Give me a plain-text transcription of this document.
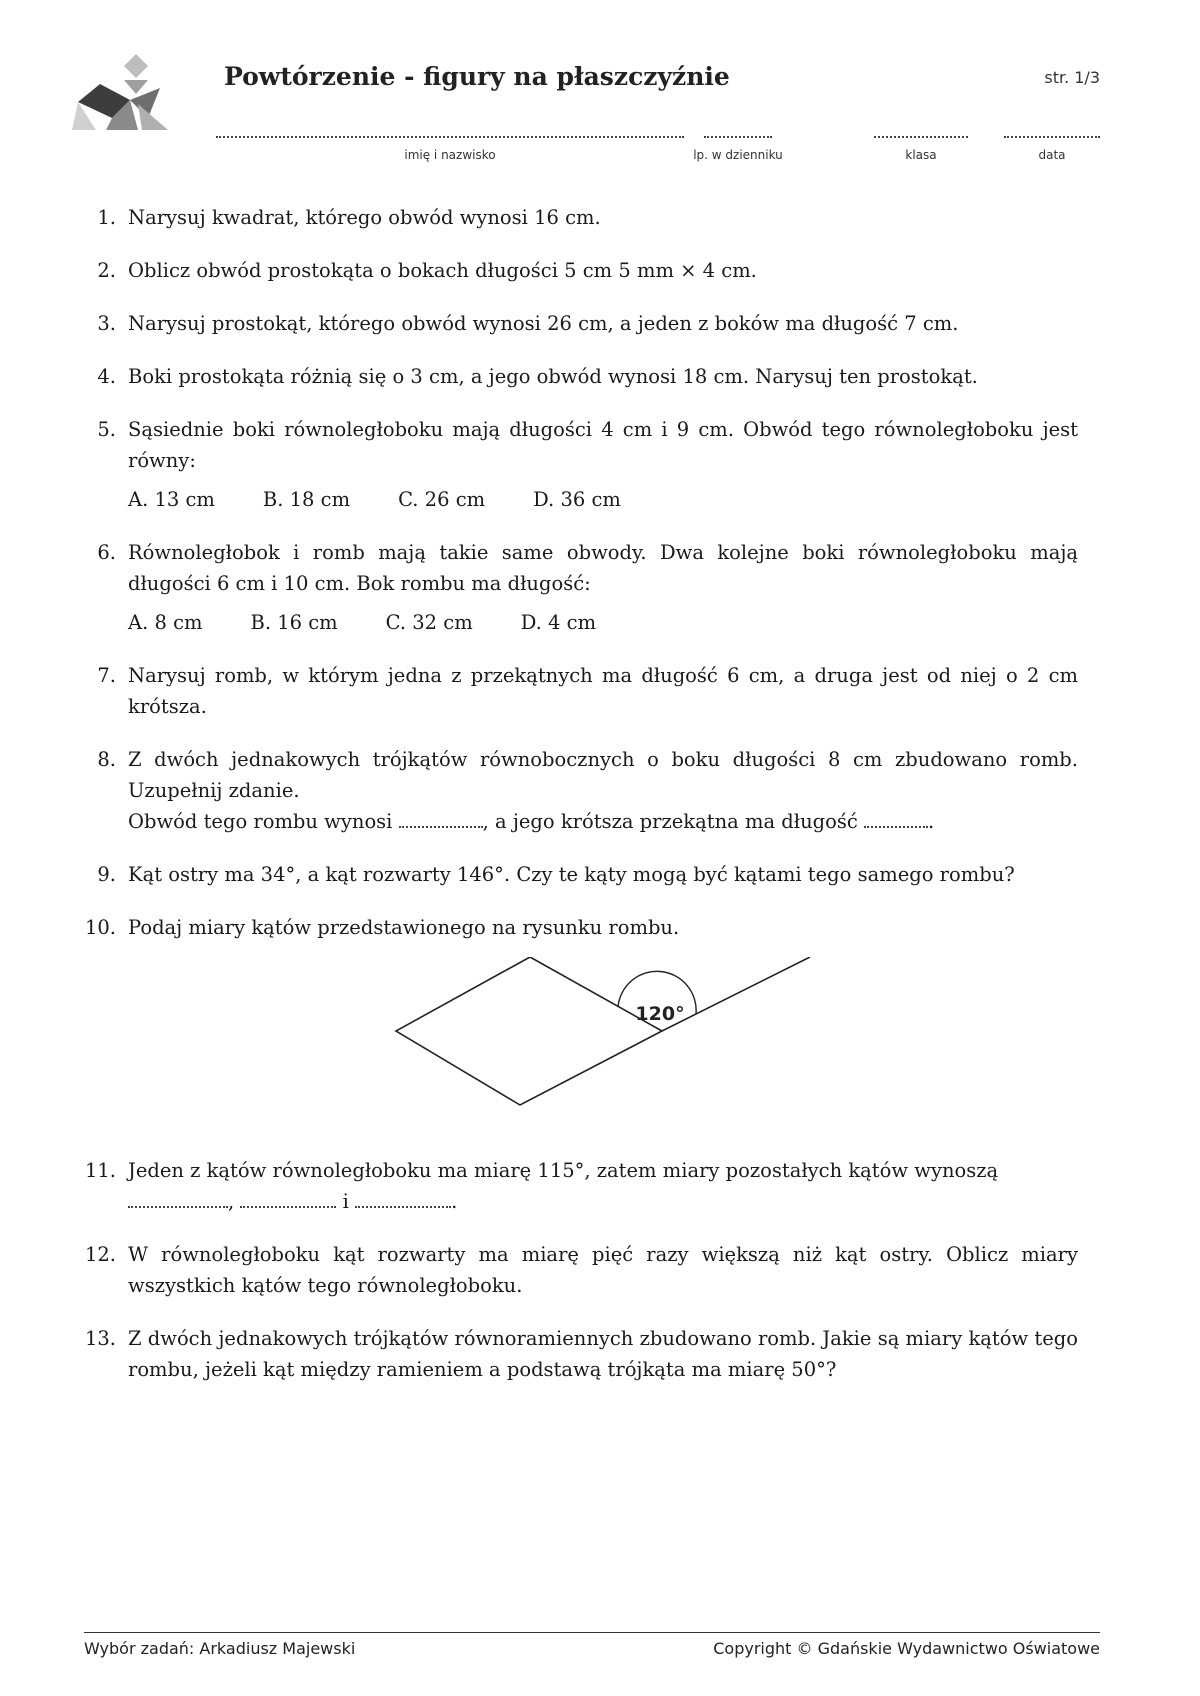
Powtórzenie - figury na płaszczyźnie	str. 1/3
imię i nazwisko	lp. w dzienniku	klasa	data
1. Narysuj kwadrat, którego obwód wynosi 16 cm.

2. Oblicz obwód prostokąta o bokach długości 5 cm 5 mm × 4 cm.

3. Narysuj prostokąt, którego obwód wynosi 26 cm, a jeden z boków ma długość 7 cm.

4. Boki prostokąta różnią się o 3 cm, a jego obwód wynosi 18 cm. Narysuj ten prostokąt.

5. Sąsiednie boki równoległoboku mają długości 4 cm i 9 cm. Obwód tego równoległoboku jest równy:

A. 13 cm B. 18 cm C. 26 cm D. 36 cm
6. Równoległobok i romb mają takie same obwody. Dwa kolejne boki równoległoboku mają długości 6 cm i 10 cm. Bok rombu ma długość:

A. 8 cm B. 16 cm C. 32 cm D. 4 cm
7. Narysuj romb, w którym jedna z przekątnych ma długość 6 cm, a druga jest od niej o 2 cm krótsza.

8. Z dwóch jednakowych trójkątów równobocznych o boku długości 8 cm zbudowano romb. Uzupełnij zdanie.

Obwód tego rombu wynosi	, a jego krótsza przekątna ma długość	.

9. Kąt ostry ma 34°, a kąt rozwarty 146°. Czy te kąty mogą być kątami tego samego rombu?

10. Podaj miary kątów przedstawionego na rysunku rombu.

120°
11. Jeden z kątów równoległoboku ma miarę 115°, zatem miary pozostałych kątów wynoszą

,	i	.

12. W równoległoboku kąt rozwarty ma miarę pięć razy większą niż kąt ostry. Oblicz miary wszystkich kątów tego równoległoboku.

13. Z dwóch jednakowych trójkątów równoramiennych zbudowano romb. Jakie są miary kątów tego rombu, jeżeli kąt między ramieniem a podstawą trójkąta ma miarę 50°?

Wybór zadań: Arkadiusz Majewski	Copyright © Gdańskie Wydawnictwo Oświatowe
